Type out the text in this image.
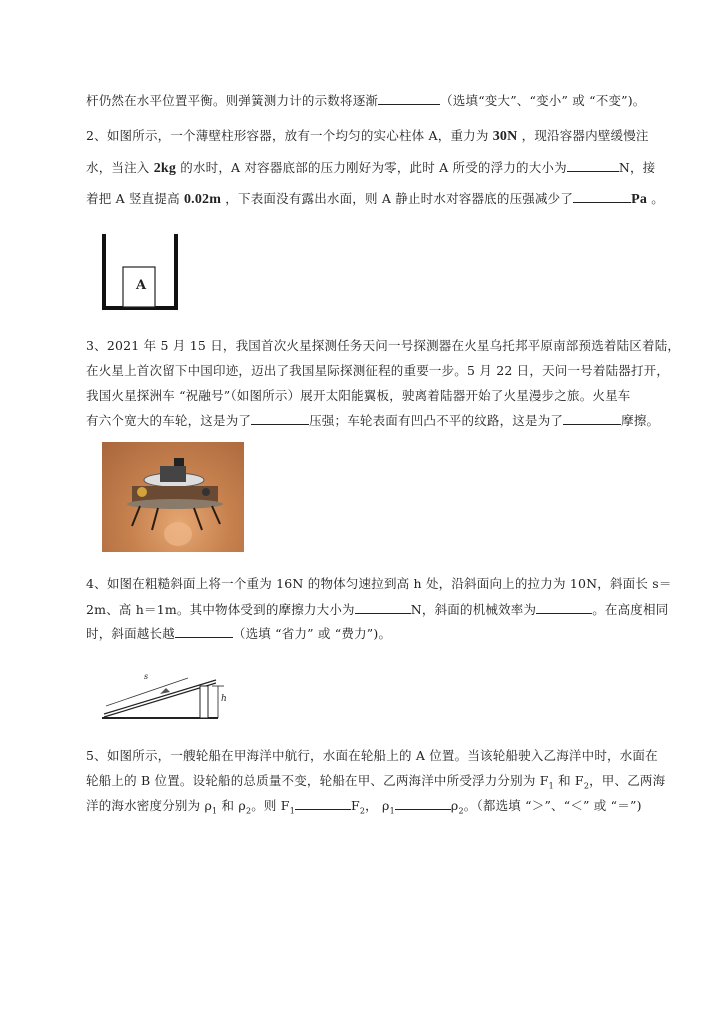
杆仍然在水平位置平衡。则弹簧测力计的示数将逐渐	（选填“变大”、“变小” 或 “不变”)。
2、如图所示，一个薄壁柱形容器，放有一个均匀的实心柱体 A，重力为 30N ，现沿容器内壁缓慢注
水，当注入 2kg 的水时，A 对容器底部的压力刚好为零，此时 A 所受的浮力的大小为	N，接
着把 A 竖直提高 0.02m ，下表面没有露出水面，则 A 静止时水对容器底的压强减少了	Pa 。
A
3、2021 年 5 月 15 日，我国首次火星探测任务天问一号探测器在火星乌托邦平原南部预选着陆区着陆，
在火星上首次留下中国印迹，迈出了我国星际探测征程的重要一步。5 月 22 日，天问一号着陆器打开，
我国火星探洲车 “祝融号”（如图所示）展开太阳能翼板，驶离着陆器开始了火星漫步之旅。火星车
有六个宽大的车轮，这是为了	压强；车轮表面有凹凸不平的纹路，这是为了	摩擦。
4、如图在粗糙斜面上将一个重为 16N 的物体匀速拉到高 h 处，沿斜面向上的拉力为 10N，斜面长 s＝
2m、高 h＝1m。其中物体受到的摩擦力大小为	N，斜面的机械效率为	。在高度相同
时，斜面越长越	（选填 “省力” 或 “费力”)。
s
h
5、如图所示，一艘轮船在甲海洋中航行，水面在轮船上的 A 位置。当该轮船驶入乙海洋中时，水面在
轮船上的 B 位置。设轮船的总质量不变，轮船在甲、乙两海洋中所受浮力分别为 $F_1$ 和 $F_2$，甲、乙两海
洋的海水密度分别为 $\rho_1$ 和 $\rho_2$。则 $F_1$	$F_2$， $\rho_1$	$\rho_2$。（都选填 “＞”、“＜” 或 “＝”)
